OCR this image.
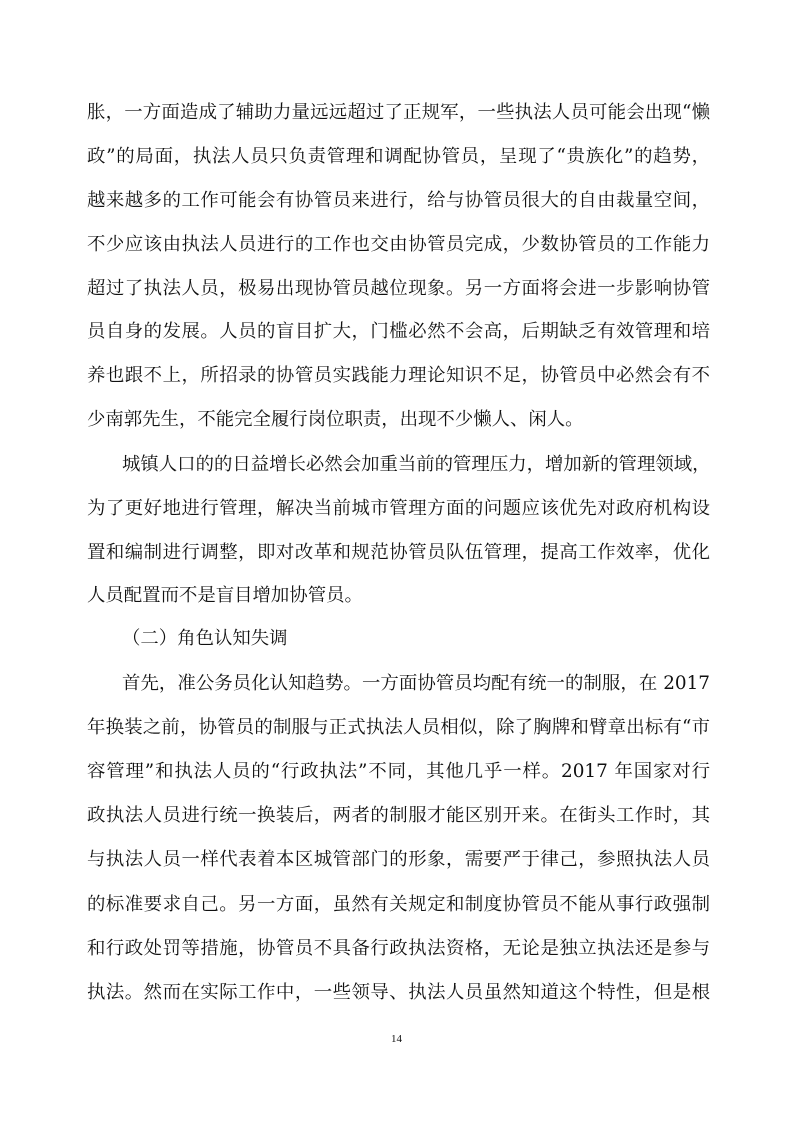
胀，一方面造成了辅助力量远远超过了正规军，一些执法人员可能会出现“懒
政”的局面，执法人员只负责管理和调配协管员，呈现了“贵族化”的趋势，
越来越多的工作可能会有协管员来进行，给与协管员很大的自由裁量空间，
不少应该由执法人员进行的工作也交由协管员完成，少数协管员的工作能力
超过了执法人员，极易出现协管员越位现象。另一方面将会进一步影响协管
员自身的发展。人员的盲目扩大，门槛必然不会高，后期缺乏有效管理和培
养也跟不上，所招录的协管员实践能力理论知识不足，协管员中必然会有不
少南郭先生，不能完全履行岗位职责，出现不少懒人、闲人。
城镇人口的的日益增长必然会加重当前的管理压力，增加新的管理领域，
为了更好地进行管理，解决当前城市管理方面的问题应该优先对政府机构设
置和编制进行调整，即对改革和规范协管员队伍管理，提高工作效率，优化
人员配置而不是盲目增加协管员。
（二）角色认知失调
首先，准公务员化认知趋势。一方面协管员均配有统一的制服，在 2017
年换装之前，协管员的制服与正式执法人员相似，除了胸牌和臂章出标有“市
容管理”和执法人员的“行政执法”不同，其他几乎一样。2017 年国家对行
政执法人员进行统一换装后，两者的制服才能区别开来。在街头工作时，其
与执法人员一样代表着本区城管部门的形象，需要严于律己，参照执法人员
的标准要求自己。另一方面，虽然有关规定和制度协管员不能从事行政强制
和行政处罚等措施，协管员不具备行政执法资格，无论是独立执法还是参与
执法。然而在实际工作中，一些领导、执法人员虽然知道这个特性，但是根
14
